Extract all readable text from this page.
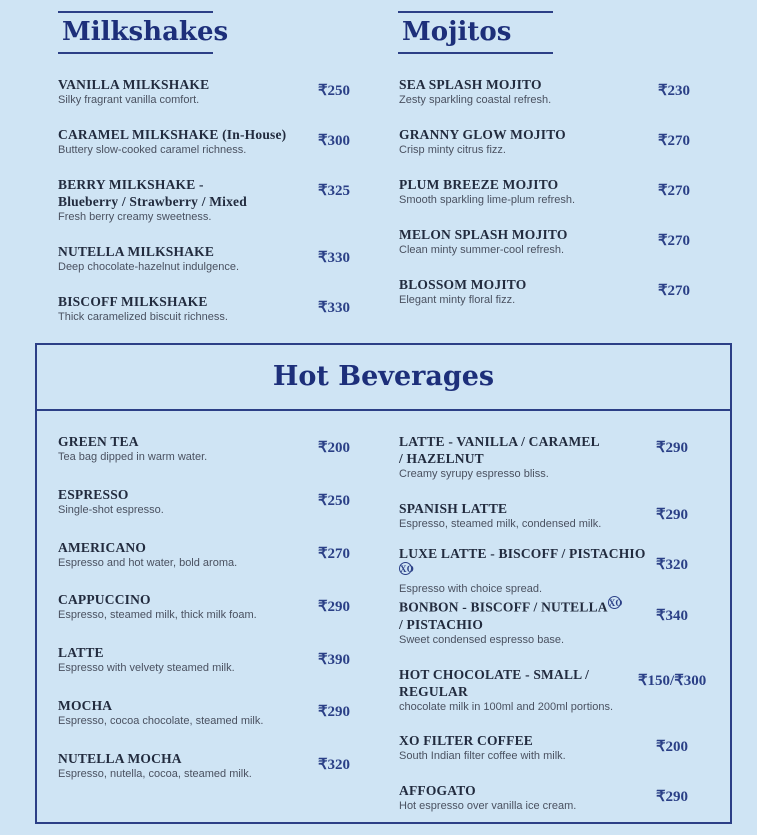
Milkshakes
VANILLA MILKSHAKE
Silky fragrant vanilla comfort.
₹250
CARAMEL MILKSHAKE (In-House)
Buttery slow-cooked caramel richness.
₹300
BERRY MILKSHAKE -
Blueberry / Strawberry / Mixed
Fresh berry creamy sweetness.
₹325
NUTELLA MILKSHAKE
Deep chocolate-hazelnut indulgence.
₹330
BISCOFF MILKSHAKE
Thick caramelized biscuit richness.
₹330
Mojitos
SEA SPLASH MOJITO
Zesty sparkling coastal refresh.
₹230
GRANNY GLOW MOJITO
Crisp minty citrus fizz.
₹270
PLUM BREEZE MOJITO
Smooth sparkling lime-plum refresh.
₹270
MELON SPLASH MOJITO
Clean minty summer-cool refresh.
₹270
BLOSSOM MOJITO
Elegant minty floral fizz.
₹270
Hot Beverages
GREEN TEA
Tea bag dipped in warm water.
₹200
ESPRESSO
Single-shot espresso.
₹250
AMERICANO
Espresso and hot water, bold aroma.
₹270
CAPPUCCINO
Espresso, steamed milk, thick milk foam.	₹290
LATTE
Espresso with velvety steamed milk.	₹390
MOCHA
Espresso, cocoa chocolate, steamed milk.
₹290
NUTELLA MOCHA
Espresso, nutella, cocoa, steamed milk.
₹320
LATTE - VANILLA / CARAMEL
/ HAZELNUT
Creamy syrupy espresso bliss.
₹290
SPANISH LATTE
Espresso, steamed milk, condensed milk.
₹290
LUXE LATTE - BISCOFF / PISTACHIOXO
Espresso with choice spread.
₹320
BONBON - BISCOFF / NUTELLAXO
/ PISTACHIO
Sweet condensed espresso base.
₹340
HOT CHOCOLATE - SMALL /
REGULAR
chocolate milk in 100ml and 200ml portions.
₹150/₹300
XO FILTER COFFEE
South Indian filter coffee with milk.
₹200
AFFOGATO
Hot espresso over vanilla ice cream.
₹290
